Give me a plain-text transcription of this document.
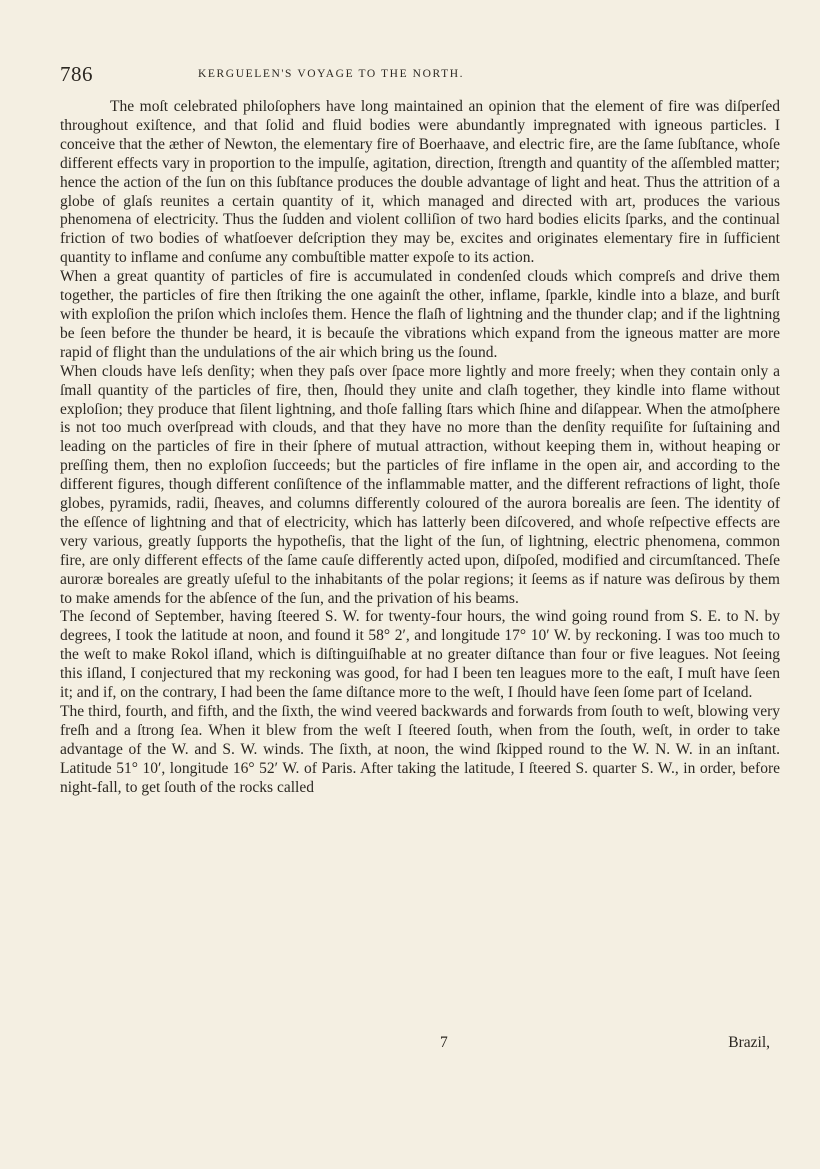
786	KERGUELEN'S VOYAGE TO THE NORTH.

The moſt celebrated philoſophers have long maintained an opinion that the element of fire was diſperſed throughout exiſtence, and that ſolid and fluid bodies were abundantly impregnated with igneous particles. I conceive that the æther of Newton, the elementary fire of Boerhaave, and electric fire, are the ſame ſubſtance, whoſe different effects vary in proportion to the impulſe, agitation, direction, ſtrength and quantity of the aſſembled matter; hence the action of the ſun on this ſubſtance produces the double advantage of light and heat. Thus the attrition of a globe of glaſs reunites a certain quantity of it, which managed and directed with art, produces the various phenomena of electricity. Thus the ſudden and violent colliſion of two hard bodies elicits ſparks, and the continual friction of two bodies of whatſoever deſcription they may be, excites and originates elementary fire in ſufficient quantity to inflame and conſume any combuſtible matter expoſe to its action.

When a great quantity of particles of fire is accumulated in condenſed clouds which compreſs and drive them together, the particles of fire then ſtriking the one againſt the other, inflame, ſparkle, kindle into a blaze, and burſt with exploſion the priſon which incloſes them. Hence the flaſh of lightning and the thunder clap; and if the lightning be ſeen before the thunder be heard, it is becauſe the vibrations which expand from the igneous matter are more rapid of flight than the undulations of the air which bring us the ſound.

When clouds have leſs denſity; when they paſs over ſpace more lightly and more freely; when they contain only a ſmall quantity of the particles of fire, then, ſhould they unite and claſh together, they kindle into flame without exploſion; they produce that ſilent lightning, and thoſe falling ſtars which ſhine and diſappear. When the atmoſphere is not too much overſpread with clouds, and that they have no more than the denſity requiſite for ſuſtaining and leading on the particles of fire in their ſphere of mutual attraction, without keeping them in, without heaping or preſſing them, then no exploſion ſucceeds; but the particles of fire inflame in the open air, and according to the different figures, though different conſiſtence of the inflammable matter, and the different refractions of light, thoſe globes, pyramids, radii, ſheaves, and columns differently coloured of the aurora borealis are ſeen. The identity of the eſſence of lightning and that of electricity, which has latterly been diſcovered, and whoſe reſpective effects are very various, greatly ſupports the hypotheſis, that the light of the ſun, of lightning, electric phenomena, common fire, are only different effects of the ſame cauſe differently acted upon, diſpoſed, modified and circumſtanced. Theſe auroræ boreales are greatly uſeful to the inhabitants of the polar regions; it ſeems as if nature was deſirous by them to make amends for the abſence of the ſun, and the privation of his beams.

The ſecond of September, having ſteered S. W. for twenty-four hours, the wind going round from S. E. to N. by degrees, I took the latitude at noon, and found it 58° 2′, and longitude 17° 10′ W. by reckoning. I was too much to the weſt to make Rokol iſland, which is diſtinguiſhable at no greater diſtance than four or five leagues. Not ſeeing this iſland, I conjectured that my reckoning was good, for had I been ten leagues more to the eaſt, I muſt have ſeen it; and if, on the contrary, I had been the ſame diſtance more to the weſt, I ſhould have ſeen ſome part of Iceland.

The third, fourth, and fifth, and the ſixth, the wind veered backwards and forwards from ſouth to weſt, blowing very freſh and a ſtrong ſea. When it blew from the weſt I ſteered ſouth, when from the ſouth, weſt, in order to take advantage of the W. and S. W. winds. The ſixth, at noon, the wind ſkipped round to the W. N. W. in an inſtant. Latitude 51° 10′, longitude 16° 52′ W. of Paris. After taking the latitude, I ſteered S. quarter S. W., in order, before night-fall, to get ſouth of the rocks called

7	Brazil,
